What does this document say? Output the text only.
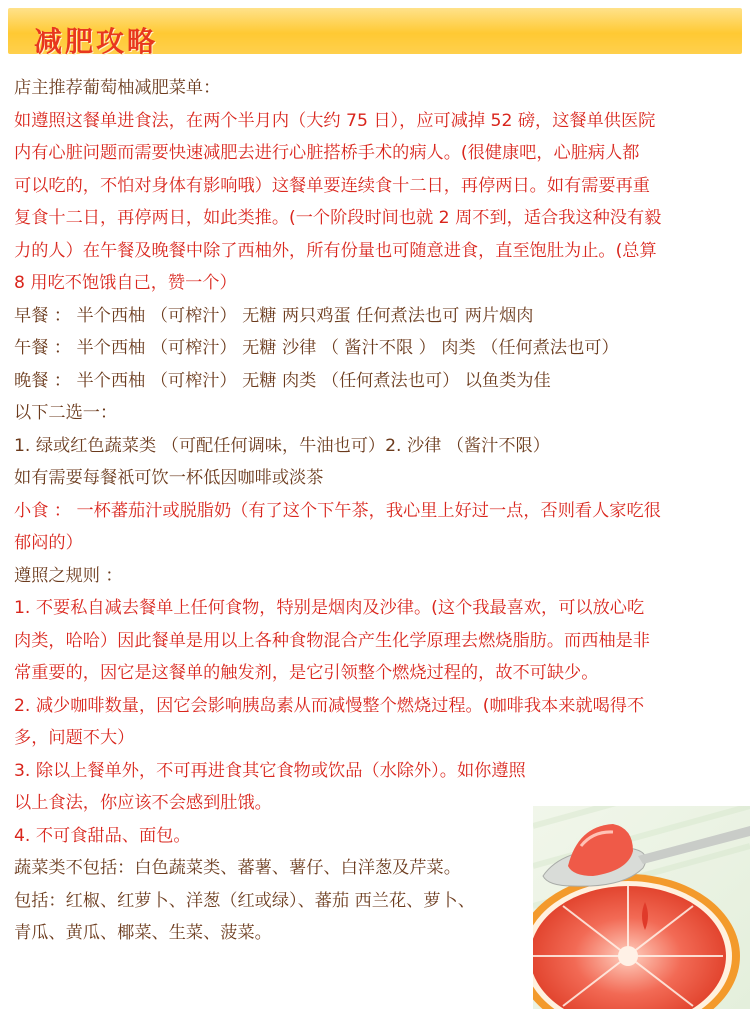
减肥攻略
店主推荐葡萄柚减肥菜单：
如遵照这餐单进食法，在两个半月内（大约 75 日），应可减掉 52 磅，这餐单供医院
内有心脏问题而需要快速减肥去进行心脏搭桥手术的病人。(很健康吧，心脏病人都
可以吃的，不怕对身体有影响哦）这餐单要连续食十二日，再停两日。如有需要再重
复食十二日，再停两日，如此类推。(一个阶段时间也就 2 周不到，适合我这种没有毅
力的人）在午餐及晚餐中除了西柚外，所有份量也可随意进食，直至饱肚为止。(总算
8 用吃不饱饿自己，赞一个）
早餐 ： 半个西柚 （可榨汁） 无糖 两只鸡蛋 任何煮法也可 两片烟肉
午餐 ： 半个西柚 （可榨汁） 无糖 沙律 （ 酱汁不限 ） 肉类 （任何煮法也可）
晚餐 ： 半个西柚 （可榨汁） 无糖 肉类 （任何煮法也可） 以鱼类为佳
以下二选一：
1. 绿或红色蔬菜类 （可配任何调味，牛油也可）2. 沙律 （酱汁不限）
如有需要每餐祇可饮一杯低因咖啡或淡茶
小食 ： 一杯蕃茄汁或脱脂奶（有了这个下午茶，我心里上好过一点，否则看人家吃很
郁闷的）
遵照之规则 ：
1. 不要私自减去餐单上任何食物，特别是烟肉及沙律。(这个我最喜欢，可以放心吃
肉类，哈哈）因此餐单是用以上各种食物混合产生化学原理去燃烧脂肪。而西柚是非
常重要的，因它是这餐单的触发剂，是它引领整个燃烧过程的，故不可缺少。
2. 减少咖啡数量，因它会影响胰岛素从而减慢整个燃烧过程。(咖啡我本来就喝得不
多，问题不大）
3. 除以上餐单外，不可再进食其它食物或饮品（水除外）。如你遵照
以上食法，你应该不会感到肚饿。
4. 不可食甜品、面包。
蔬菜类不包括：白色蔬菜类、蕃薯、薯仔、白洋葱及芹菜。
包括：红椒、红萝卜、洋葱（红或绿）、蕃茄 西兰花、萝卜、
青瓜、黄瓜、椰菜、生菜、菠菜。
